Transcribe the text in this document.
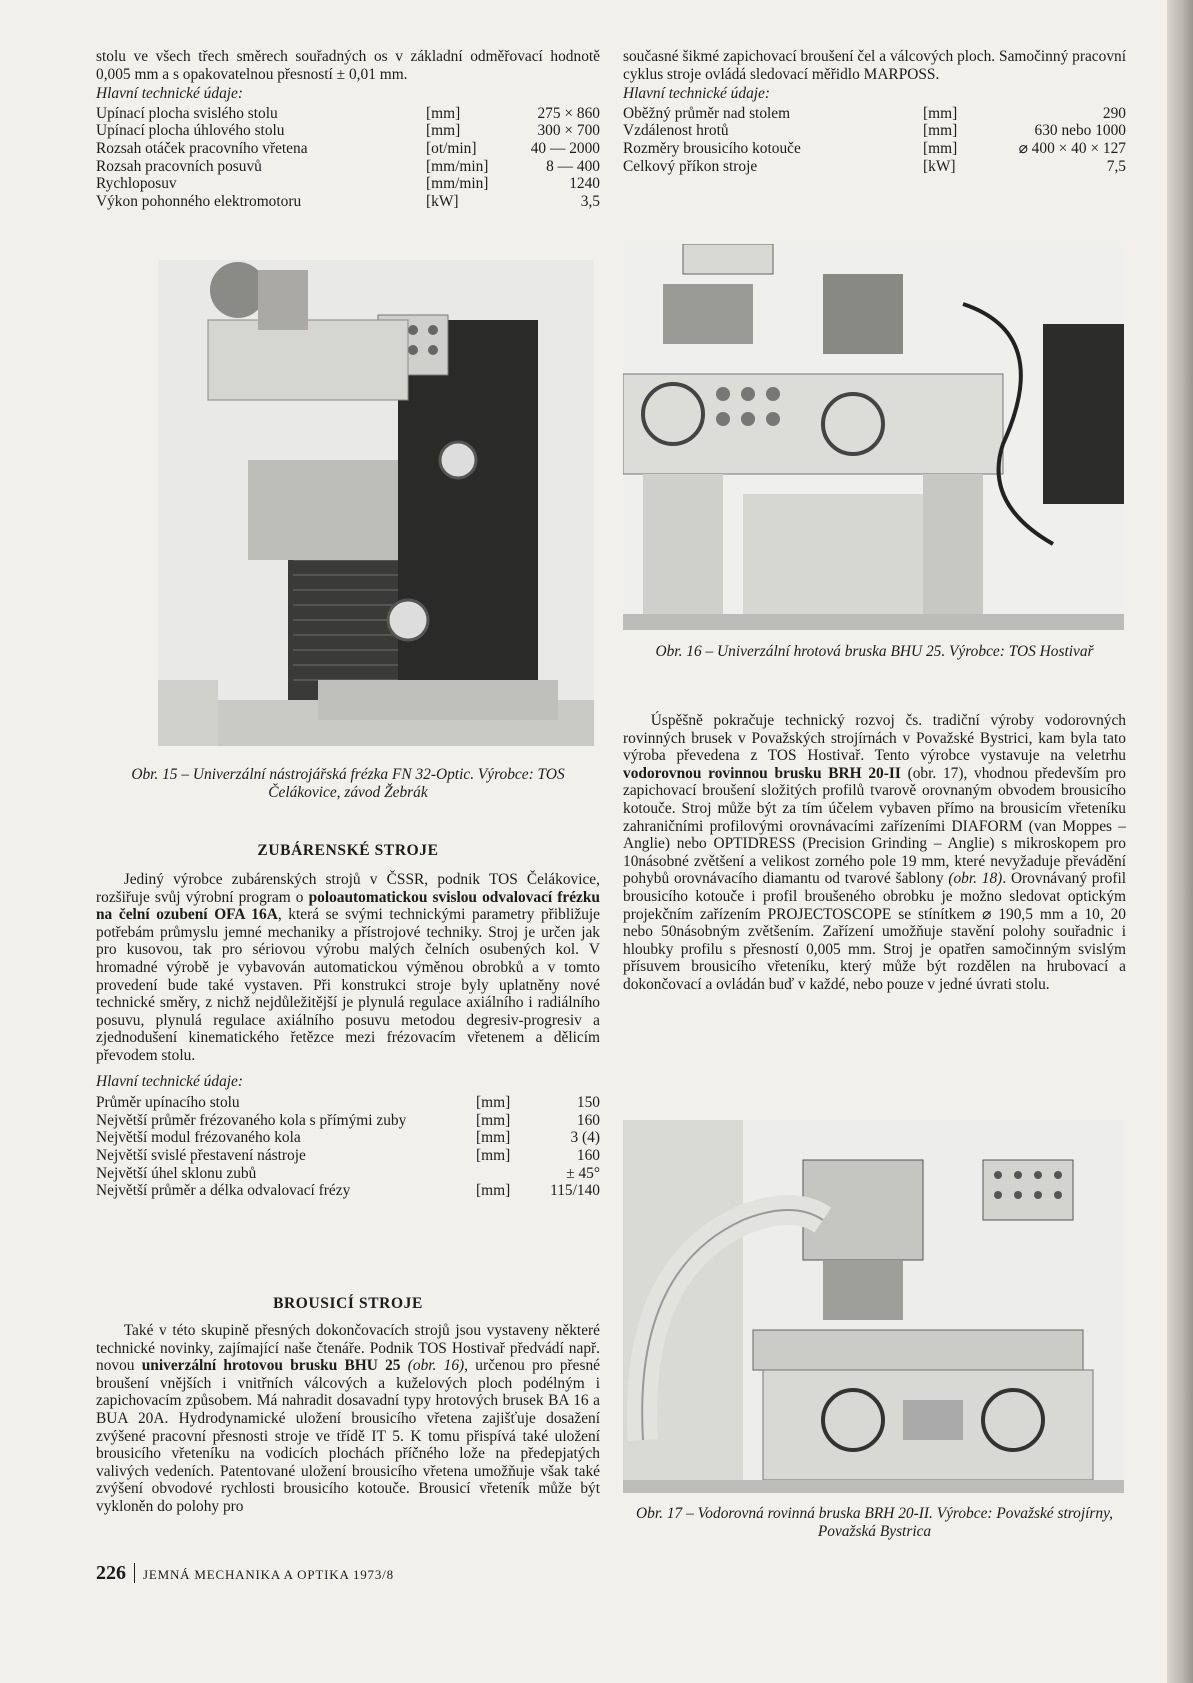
stolu ve všech třech směrech souřadných os v základní odměřovací hodnotě 0,005 mm a s opakovatelnou přesností ± 0,01 mm.

Hlavní technické údaje:

Upínací plocha svislého stolu	[mm]	275 × 860
Upínací plocha úhlového stolu	[mm]	300 × 700
Rozsah otáček pracovního vřetena	[ot/min]	40 — 2000
Rozsah pracovních posuvů	[mm/min]	8 — 400
Rychloposuv	[mm/min]	1240
Výkon pohonného elektromotoru	[kW]	3,5

současné šikmé zapichovací broušení čel a válcových ploch. Samočinný pracovní cyklus stroje ovládá sledovací měřidlo MARPOSS.

Hlavní technické údaje:

Oběžný průměr nad stolem	[mm]	290
Vzdálenost hrotů	[mm]	630 nebo 1000
Rozměry brousicího kotouče	[mm]	⌀ 400 × 40 × 127
Celkový příkon stroje	[kW]	7,5
Obr. 16 – Univerzální hrotová bruska BHU 25. Výrobce: TOS Hostivař
Obr. 15 – Univerzální nástrojářská frézka FN 32-Optic. Výrobce: TOS Čelákovice, závod Žebrák
ZUBÁRENSKÉ STROJE

Jediný výrobce zubárenských strojů v ČSSR, podnik TOS Čelákovice, rozšiřuje svůj výrobní program o poloautomatickou svislou odvalovací frézku na čelní ozubení OFA 16A, která se svými technickými parametry přibližuje potřebám průmyslu jemné mechaniky a přístrojové techniky. Stroj je určen jak pro kusovou, tak pro sériovou výrobu malých čelních osubených kol. V hromadné výrobě je vybavován automatickou výměnou obrobků a v tomto provedení bude také vystaven. Při konstrukci stroje byly uplatněny nové technické směry, z nichž nejdůležitější je plynulá regulace axiálního i radiálního posuvu, plynulá regulace axiálního posuvu metodou degresiv-progresiv a zjednodušení kinematického řetězce mezi frézovacím vřetenem a dělicím převodem stolu.

Hlavní technické údaje:

Průměr upínacího stolu	[mm]	150
Největší průměr frézovaného kola s přímými zuby	[mm]	160
Největší modul frézovaného kola	[mm]	3 (4)
Největší svislé přestavení nástroje	[mm]	160
Největší úhel sklonu zubů		± 45°
Největší průměr a délka odvalovací frézy	[mm]	115/140
BROUSICÍ STROJE

Také v této skupině přesných dokončovacích strojů jsou vystaveny některé technické novinky, zajímající naše čtenáře. Podnik TOS Hostivař předvádí např. novou univerzální hrotovou brusku BHU 25 (obr. 16), určenou pro přesné broušení vnějších i vnitřních válcových a kuželových ploch podélným i zapichovacím způsobem. Má nahradit dosavadní typy hrotových brusek BA 16 a BUA 20A. Hydrodynamické uložení brousicího vřetena zajišťuje dosažení zvýšené pracovní přesnosti stroje ve třídě IT 5. K tomu přispívá také uložení brousicího vřeteníku na vodicích plochách příčného lože na předepjatých valivých vedeních. Patentované uložení brousicího vřetena umožňuje však také zvýšení obvodové rychlosti brousicího kotouče. Brousicí vřeteník může být vykloněn do polohy pro

Úspěšně pokračuje technický rozvoj čs. tradiční výroby vodorovných rovinných brusek v Považských strojírnách v Považské Bystrici, kam byla tato výroba převedena z TOS Hostivař. Tento výrobce vystavuje na veletrhu vodorovnou rovinnou brusku BRH 20-II (obr. 17), vhodnou především pro zapichovací broušení složitých profilů tvarově orovnaným obvodem brousicího kotouče. Stroj může být za tím účelem vybaven přímo na brousicím vřeteníku zahraničními profilovými orovnávacími zařízeními DIAFORM (van Moppes – Anglie) nebo OPTIDRESS (Precision Grinding – Anglie) s mikroskopem pro 10násobné zvětšení a velikost zorného pole 19 mm, které nevyžaduje převádění pohybů orovnávacího diamantu od tvarové šablony (obr. 18). Orovnávaný profil brousicího kotouče i profil broušeného obrobku je možno sledovat optickým projekčním zařízením PROJECTOSCOPE se stínítkem ⌀ 190,5 mm a 10, 20 nebo 50násobným zvětšením. Zařízení umožňuje stavění polohy souřadnic i hloubky profilu s přesností 0,005 mm. Stroj je opatřen samočinným svislým přísuvem brousicího vřeteníku, který může být rozdělen na hrubovací a dokončovací a ovládán buď v každé, nebo pouze v jedné úvrati stolu.

Obr. 17 – Vodorovná rovinná bruska BRH 20-II. Výrobce: Považské strojírny, Považská Bystrica
226 JEMNÁ MECHANIKA A OPTIKA 1973/8
